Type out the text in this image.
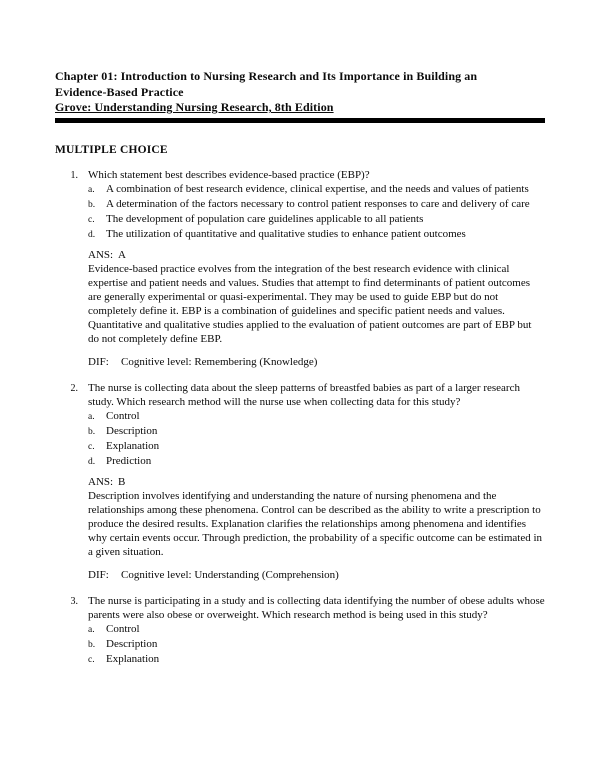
Chapter 01: Introduction to Nursing Research and Its Importance in Building an
Evidence-Based Practice
Grove: Understanding Nursing Research, 8th Edition
MULTIPLE CHOICE
1. Which statement best describes evidence-based practice (EBP)?
a.	A combination of best research evidence, clinical expertise, and the needs and values of patients
b. A determination of the factors necessary to control patient responses to care and delivery of care
c.	The development of population care guidelines applicable to all patients
d. The utilization of quantitative and qualitative studies to enhance patient outcomes
ANS: A
Evidence-based practice evolves from the integration of the best research evidence with clinical expertise and patient needs and values. Studies that attempt to find determinants of patient outcomes are generally experimental or quasi-experimental. They may be used to guide EBP but do not completely define it. EBP is a combination of guidelines and specific patient needs and values. Quantitative and qualitative studies applied to the evaluation of patient outcomes are part of EBP but do not completely define EBP.
DIF:	Cognitive level: Remembering (Knowledge)
2. The nurse is collecting data about the sleep patterns of breastfed babies as part of a larger research study. Which research method will the nurse use when collecting data for this study?
a.	Control
b. Description
c.	Explanation
d. Prediction
ANS: B
Description involves identifying and understanding the nature of nursing phenomena and the relationships among these phenomena. Control can be described as the ability to write a prescription to produce the desired results. Explanation clarifies the relationships among phenomena and identifies why certain events occur. Through prediction, the probability of a specific outcome can be estimated in a given situation.
DIF:	Cognitive level: Understanding (Comprehension)
3. The nurse is participating in a study and is collecting data identifying the number of obese adults whose parents were also obese or overweight. Which research method is being used in this study?
a.	Control
b. Description
c.	Explanation
